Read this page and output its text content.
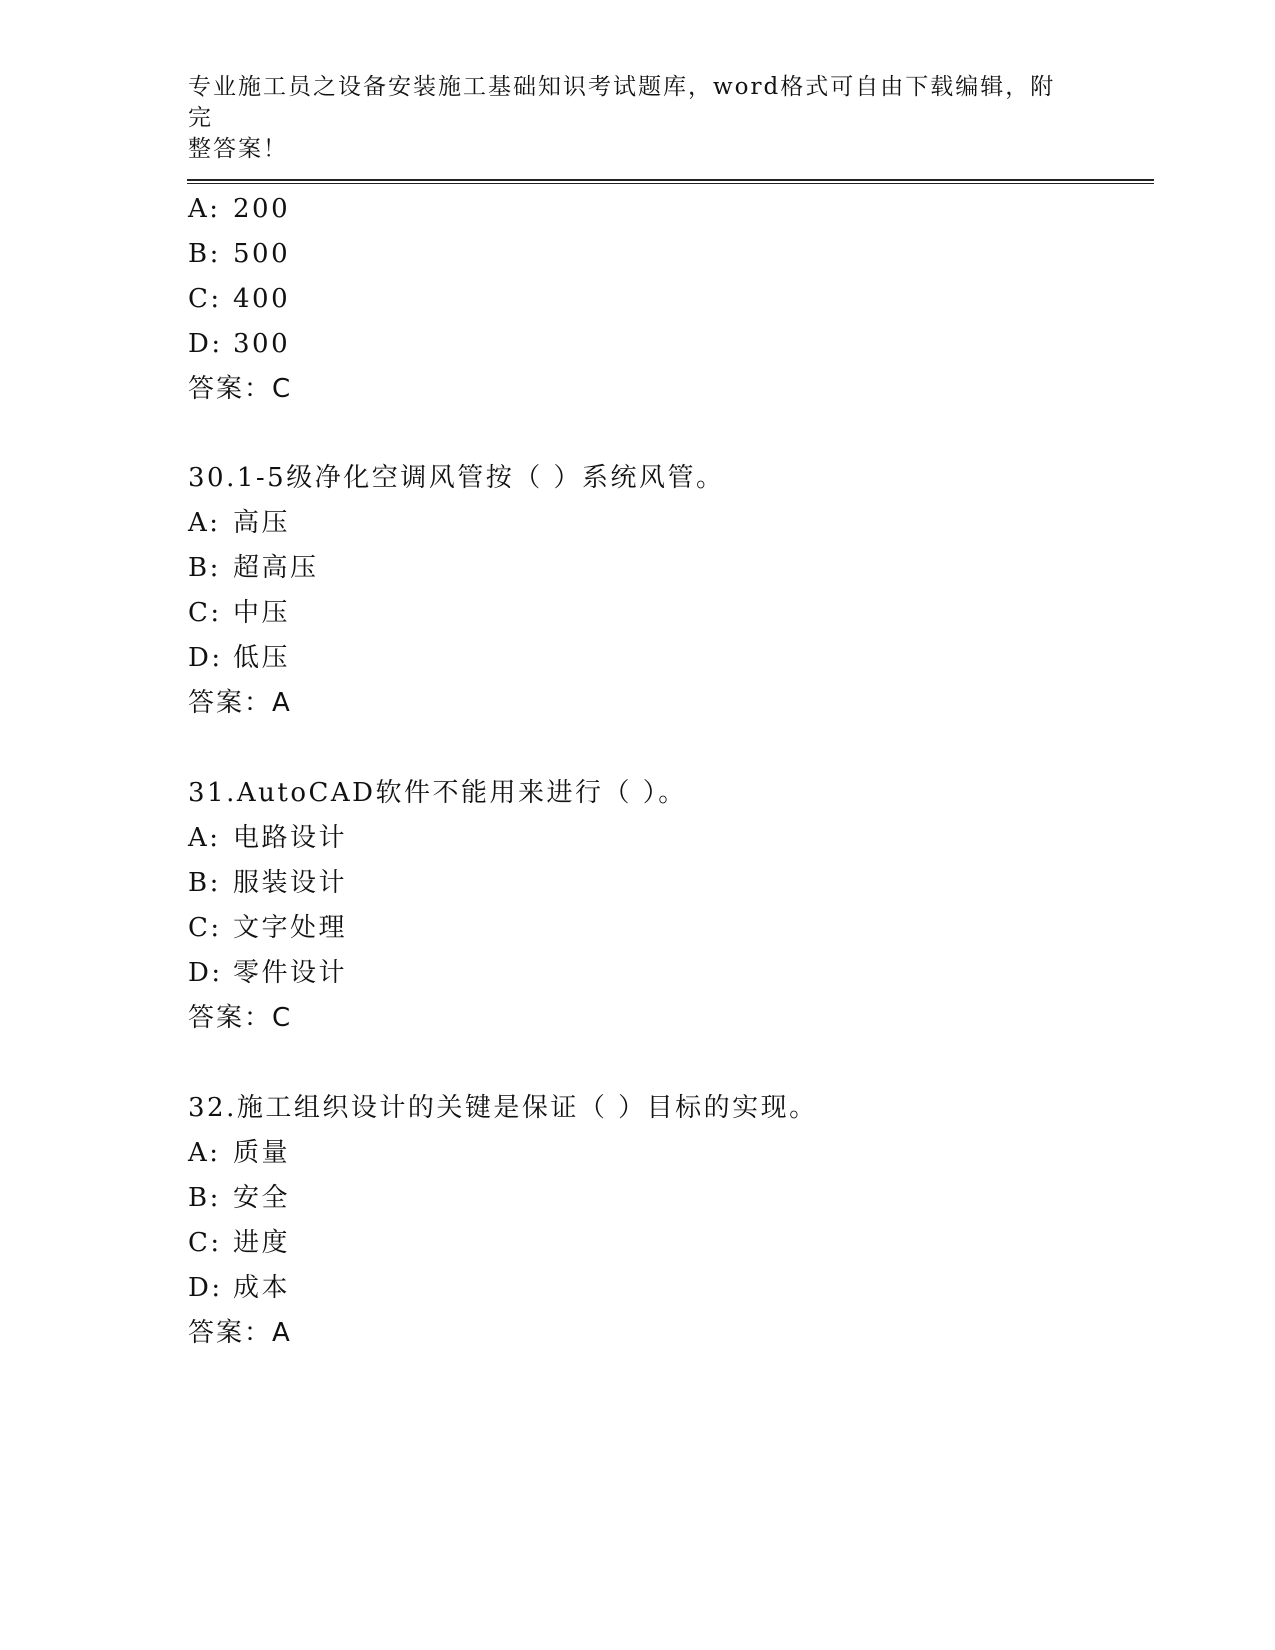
专业施工员之设备安装施工基础知识考试题库，word格式可自由下载编辑，附完
整答案！
A: 200
B: 500
C: 400
D: 300
答案：C
30.1-5级净化空调风管按（ ）系统风管。
A: 高压
B: 超高压
C: 中压
D: 低压
答案：A
31.AutoCAD软件不能用来进行（ ）。
A: 电路设计
B: 服装设计
C: 文字处理
D: 零件设计
答案：C
32.施工组织设计的关键是保证（ ）目标的实现。
A: 质量
B: 安全
C: 进度
D: 成本
答案：A
